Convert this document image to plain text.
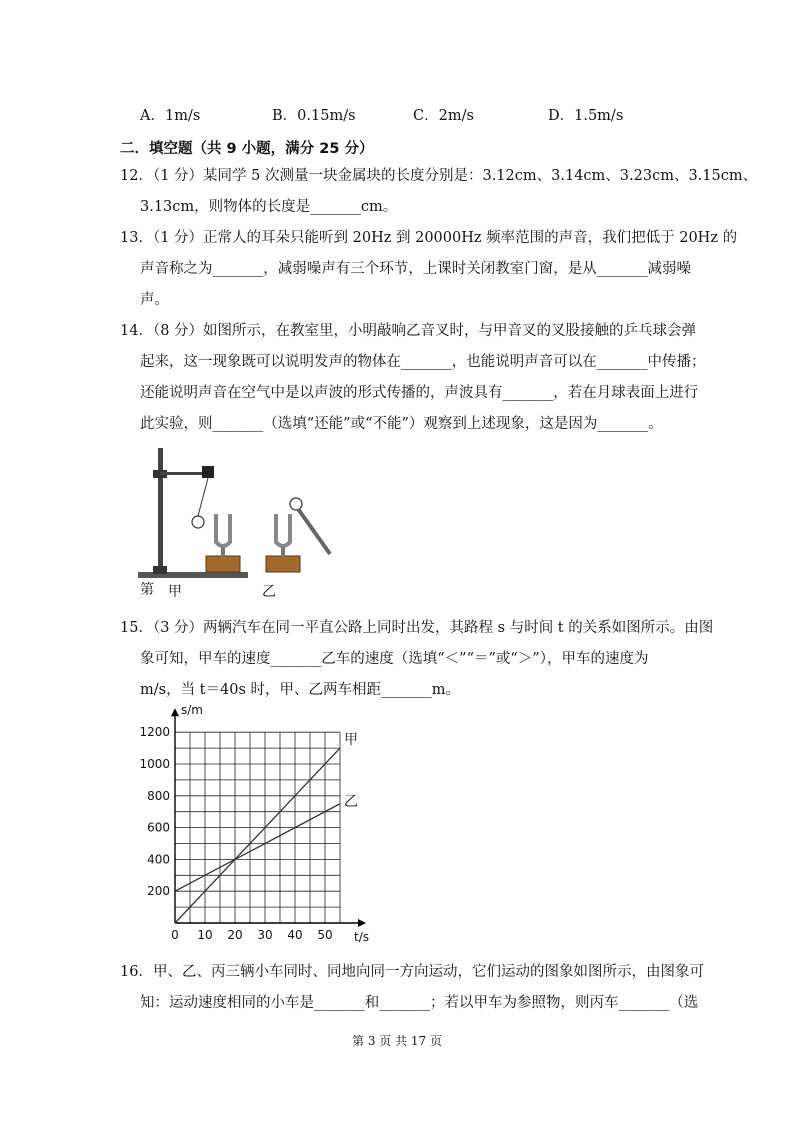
A．1m/s	B．0.15m/s	C．2m/s	D．1.5m/s
二．填空题（共 9 小题，满分 25 分）
12．（1 分）某同学 5 次测量一块金属块的长度分别是：3.12cm、3.14cm、3.23cm、3.15cm、
3.13cm，则物体的长度是_______cm。
13．（1 分）正常人的耳朵只能听到 20Hz 到 20000Hz 频率范围的声音，我们把低于 20Hz 的
声音称之为_______，减弱噪声有三个环节，上课时关闭教室门窗，是从_______减弱噪
声。
14．（8 分）如图所示，在教室里，小明敲响乙音叉时，与甲音叉的叉股接触的乒乓球会弹
起来，这一现象既可以说明发声的物体在_______，也能说明声音可以在_______中传播；
还能说明声音在空气中是以声波的形式传播的，声波具有_______，若在月球表面上进行
此实验，则_______（选填“还能”或“不能”）观察到上述现象，这是因为_______。
第 甲	乙
15．（3 分）两辆汽车在同一平直公路上同时出发，其路程 s 与时间 t 的关系如图所示。由图
象可知，甲车的速度_______乙车的速度（选填“＜”“＝”或“＞”），甲车的速度为
m/s，当 t＝40s 时，甲、乙两车相距_______m。
0 10 20 30 40 50
200
400
600
800
1000
1200
t/s
s/m
甲
乙
16．甲、乙、丙三辆小车同时、同地向同一方向运动，它们运动的图象如图所示，由图象可
知：运动速度相同的小车是_______和_______；若以甲车为参照物，则丙车_______（选
第 3 页 共 17 页
